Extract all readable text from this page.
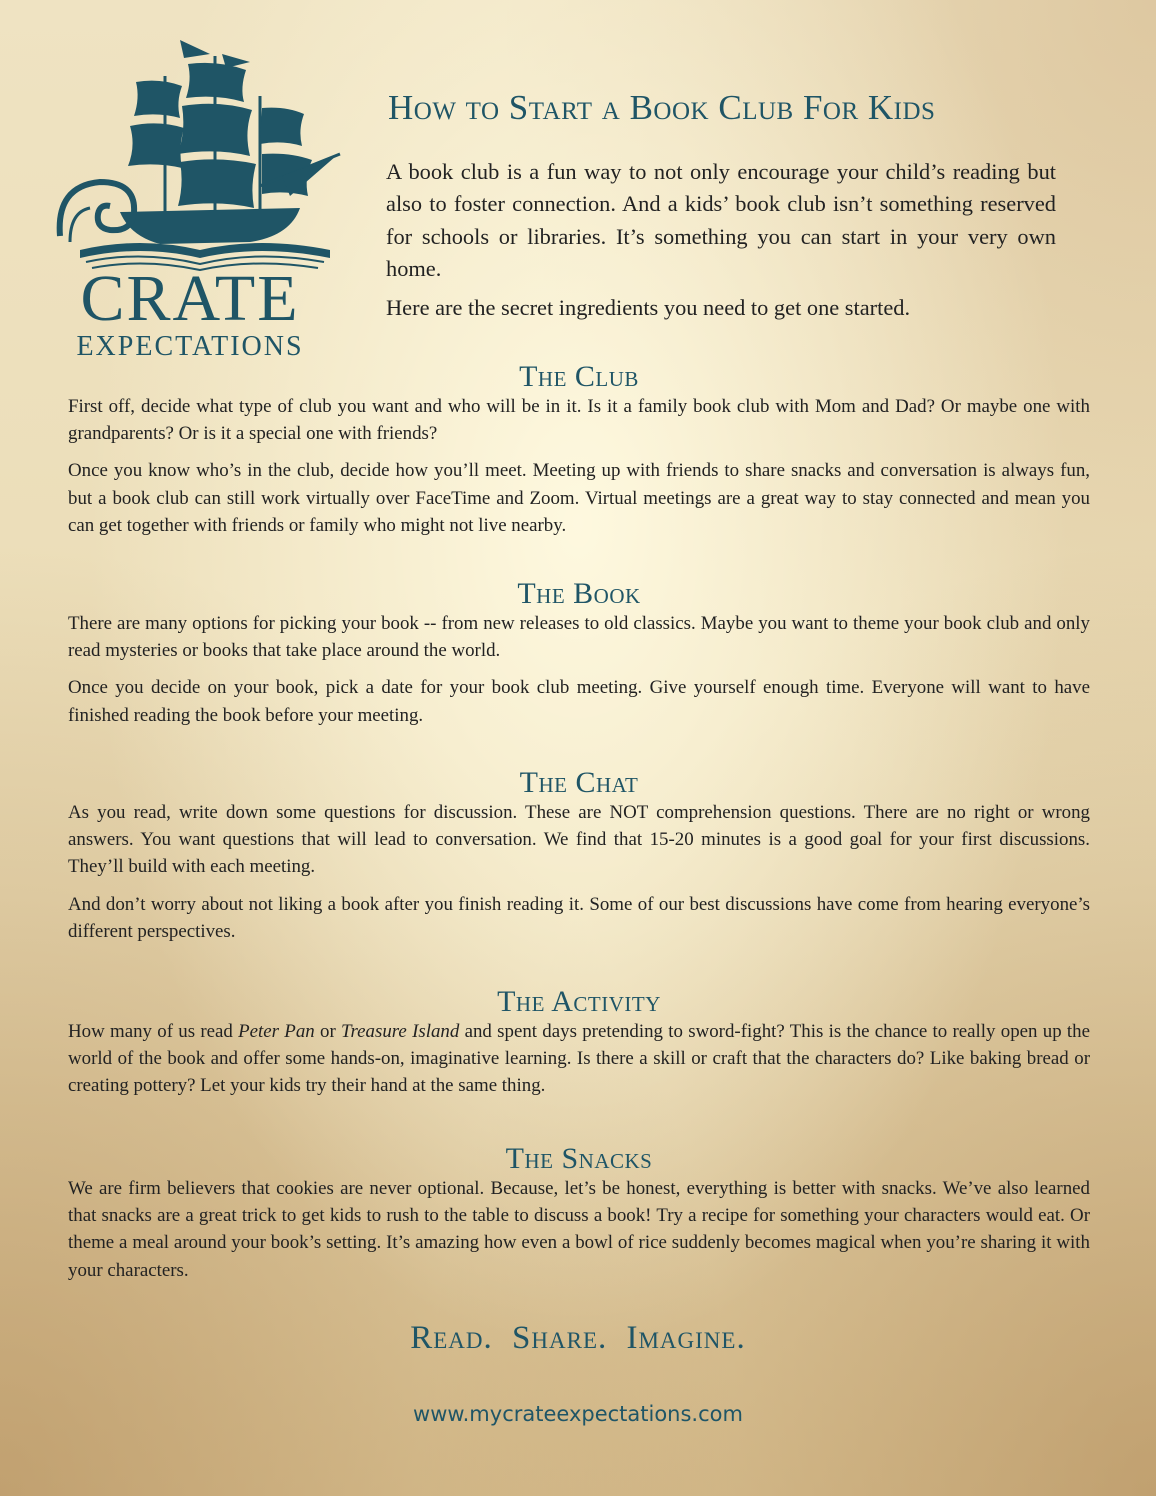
CRATE
EXPECTATIONS
How to Start a Book Club For Kids

A book club is a fun way to not only encourage your child’s reading but also to foster connection. And a kids’ book club isn’t something reserved for schools or libraries. It’s something you can start in your very own home.

Here are the secret ingredients you need to get one started.

The Club

First off, decide what type of club you want and who will be in it. Is it a family book club with Mom and Dad? Or maybe one with grandparents? Or is it a special one with friends?

Once you know who’s in the club, decide how you’ll meet. Meeting up with friends to share snacks and conversation is always fun, but a book club can still work virtually over FaceTime and Zoom. Virtual meetings are a great way to stay connected and mean you can get together with friends or family who might not live nearby.

The Book

There are many options for picking your book -- from new releases to old classics. Maybe you want to theme your book club and only read mysteries or books that take place around the world.

Once you decide on your book, pick a date for your book club meeting. Give yourself enough time. Everyone will want to have finished reading the book before your meeting.

The Chat

As you read, write down some questions for discussion. These are NOT comprehension questions. There are no right or wrong answers. You want questions that will lead to conversation. We find that 15-20 minutes is a good goal for your first discussions. They’ll build with each meeting.

And don’t worry about not liking a book after you finish reading it. Some of our best discussions have come from hearing everyone’s different perspectives.

The Activity

How many of us read Peter Pan or Treasure Island and spent days pretending to sword-fight? This is the chance to really open up the world of the book and offer some hands-on, imaginative learning. Is there a skill or craft that the characters do? Like baking bread or creating pottery? Let your kids try their hand at the same thing.

The Snacks

We are firm believers that cookies are never optional. Because, let’s be honest, everything is better with snacks. We’ve also learned that snacks are a great trick to get kids to rush to the table to discuss a book! Try a recipe for something your characters would eat. Or theme a meal around your book’s setting. It’s amazing how even a bowl of rice suddenly becomes magical when you’re sharing it with your characters.

Read. Share. Imagine.
www.mycrateexpectations.com
